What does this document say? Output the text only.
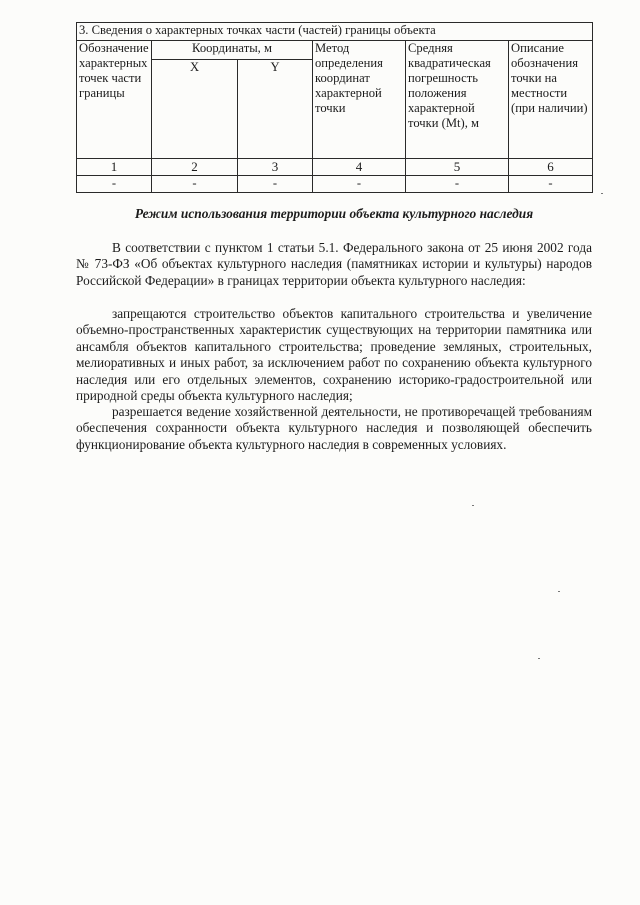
3. Сведения о характерных точках части (частей) границы объекта					
Обозначение характерных точек части границы	Координаты, м		Метод определения координат характерной точки	Средняя квадратическая погрешность положения характерной точки (Mt), м	Описание обозначения точки на местности (при наличии)
	X	Y			
1	2	3	4	5	6
-	-	-	-	-	-
Режим использования территории объекта культурного наследия

В соответствии с пунктом 1 статьи 5.1. Федерального закона от 25 июня 2002 года № 73-ФЗ «Об объектах культурного наследия (памятниках истории и культуры) народов Российской Федерации» в границах территории объекта культурного наследия:

запрещаются строительство объектов капитального строительства и увеличение объемно-пространственных характеристик существующих на территории памятника или ансамбля объектов капитального строительства; проведение земляных, строительных, мелиоративных и иных работ, за исключением работ по сохранению объекта культурного наследия или его отдельных элементов, сохранению историко-градостроительной или природной среды объекта культурного наследия;

разрешается ведение хозяйственной деятельности, не противоречащей требованиям обеспечения сохранности объекта культурного наследия и позволяющей обеспечить функционирование объекта культурного наследия в современных условиях.
